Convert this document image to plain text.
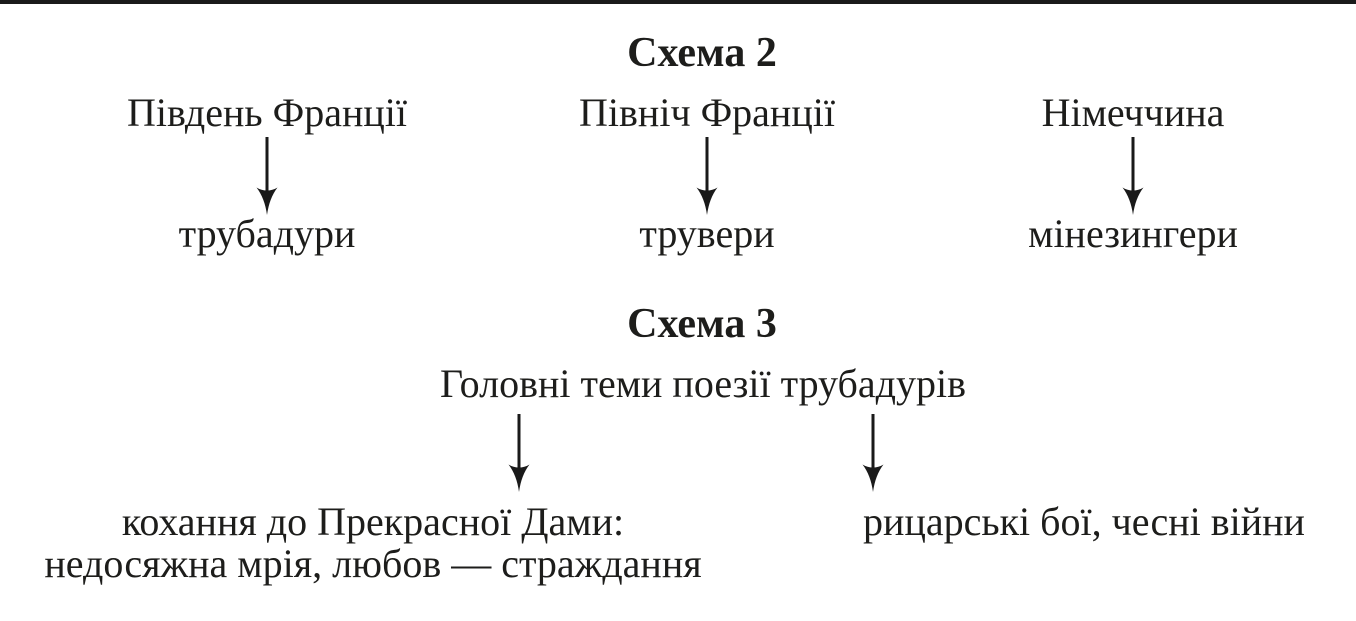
Схема 2
Південь Франції
трубадури
Північ Франції
трувери
Німеччина
мінезингери
Схема 3
Головні теми поезії трубадурів
кохання до Прекрасної Дами:
недосяжна мрія, любов — страждання
рицарські бої, чесні війни
